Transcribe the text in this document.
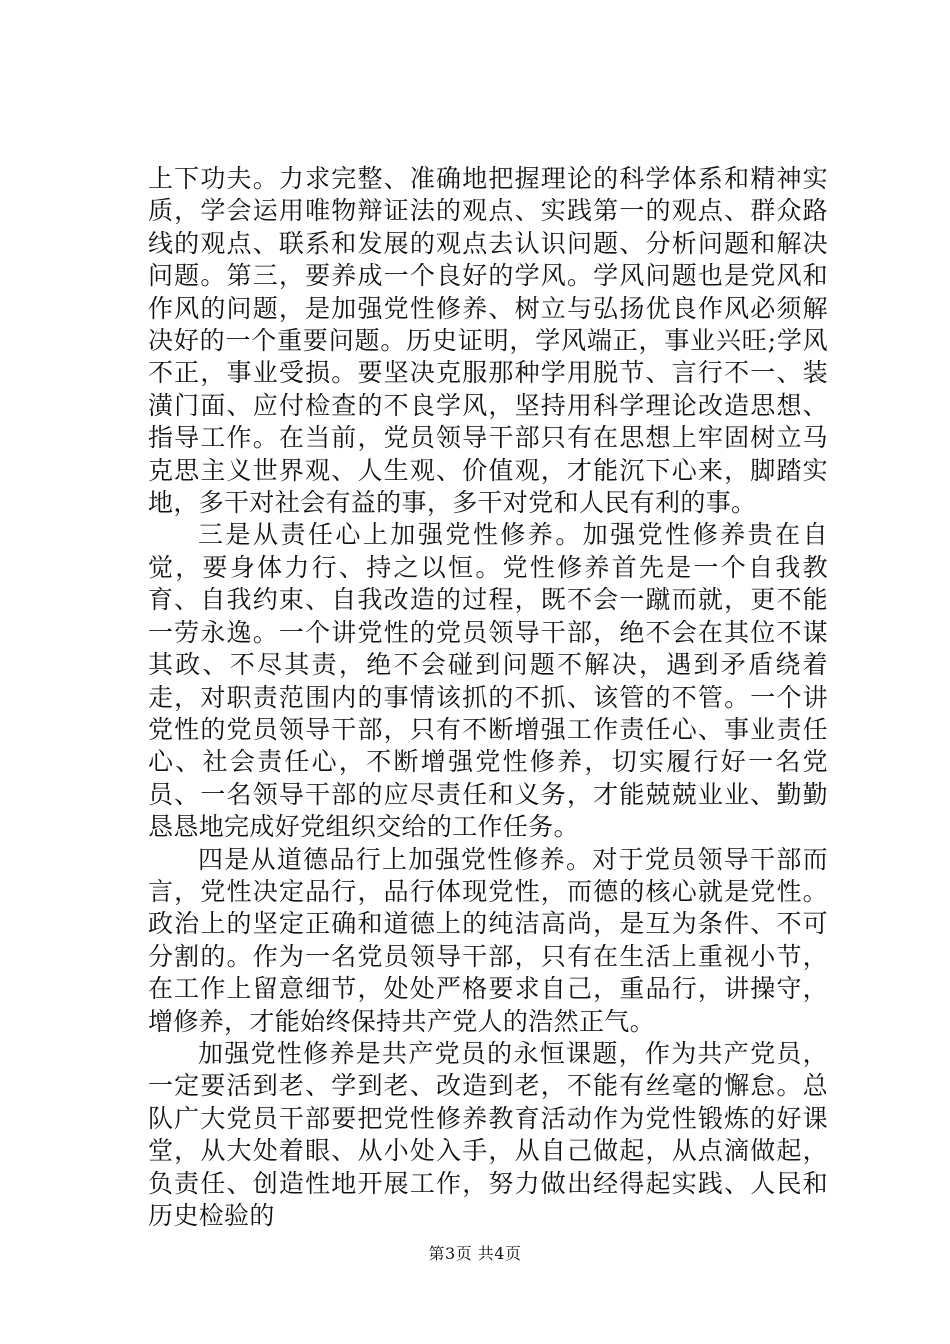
上下功夫。力求完整、准确地把握理论的科学体系和精神实质，学会运用唯物辩证法的观点、实践第一的观点、群众路线的观点、联系和发展的观点去认识问题、分析问题和解决问题。第三，要养成一个良好的学风。学风问题也是党风和作风的问题，是加强党性修养、树立与弘扬优良作风必须解决好的一个重要问题。历史证明，学风端正，事业兴旺;学风不正，事业受损。要坚决克服那种学用脱节、言行不一、装潢门面、应付检查的不良学风，坚持用科学理论改造思想、指导工作。在当前，党员领导干部只有在思想上牢固树立马克思主义世界观、人生观、价值观，才能沉下心来，脚踏实地，多干对社会有益的事，多干对党和人民有利的事。

三是从责任心上加强党性修养。加强党性修养贵在自觉，要身体力行、持之以恒。党性修养首先是一个自我教育、自我约束、自我改造的过程，既不会一蹴而就，更不能一劳永逸。一个讲党性的党员领导干部，绝不会在其位不谋其政、不尽其责，绝不会碰到问题不解决，遇到矛盾绕着走，对职责范围内的事情该抓的不抓、该管的不管。一个讲党性的党员领导干部，只有不断增强工作责任心、事业责任心、社会责任心，不断增强党性修养，切实履行好一名党员、一名领导干部的应尽责任和义务，才能兢兢业业、勤勤恳恳地完成好党组织交给的工作任务。

四是从道德品行上加强党性修养。对于党员领导干部而言，党性决定品行，品行体现党性，而德的核心就是党性。政治上的坚定正确和道德上的纯洁高尚，是互为条件、不可分割的。作为一名党员领导干部，只有在生活上重视小节，在工作上留意细节，处处严格要求自己，重品行，讲操守，增修养，才能始终保持共产党人的浩然正气。

加强党性修养是共产党员的永恒课题，作为共产党员，一定要活到老、学到老、改造到老，不能有丝毫的懈怠。总队广大党员干部要把党性修养教育活动作为党性锻炼的好课堂，从大处着眼、从小处入手，从自己做起，从点滴做起，负责任、创造性地开展工作，努力做出经得起实践、人民和历史检验的

第3页 共4页
